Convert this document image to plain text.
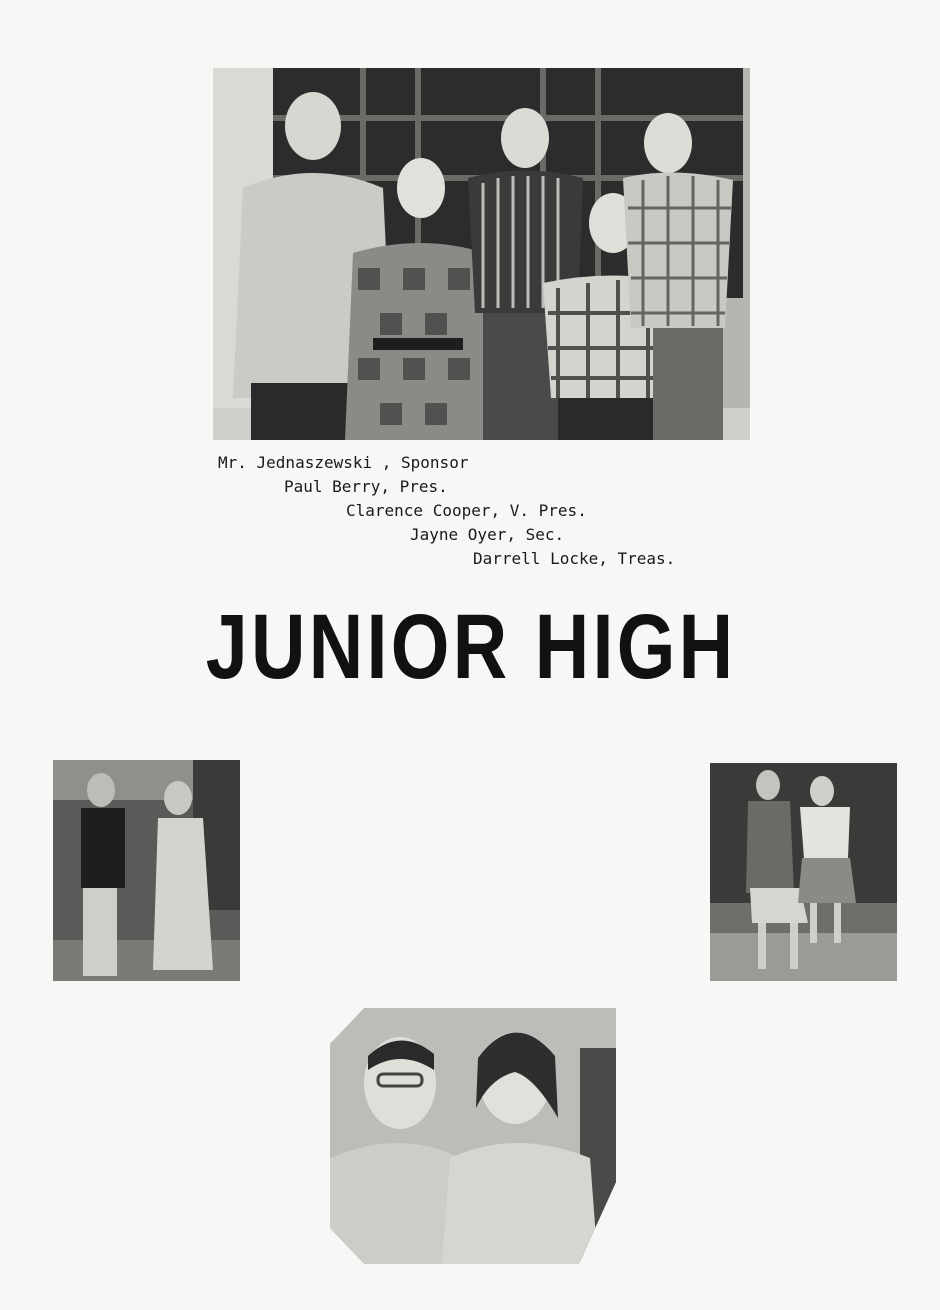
Mr. Jednaszewski , Sponsor

Paul Berry, Pres.

Clarence Cooper, V. Pres.

Jayne Oyer, Sec.

Darrell Locke, Treas.

JUNIOR HIGH
